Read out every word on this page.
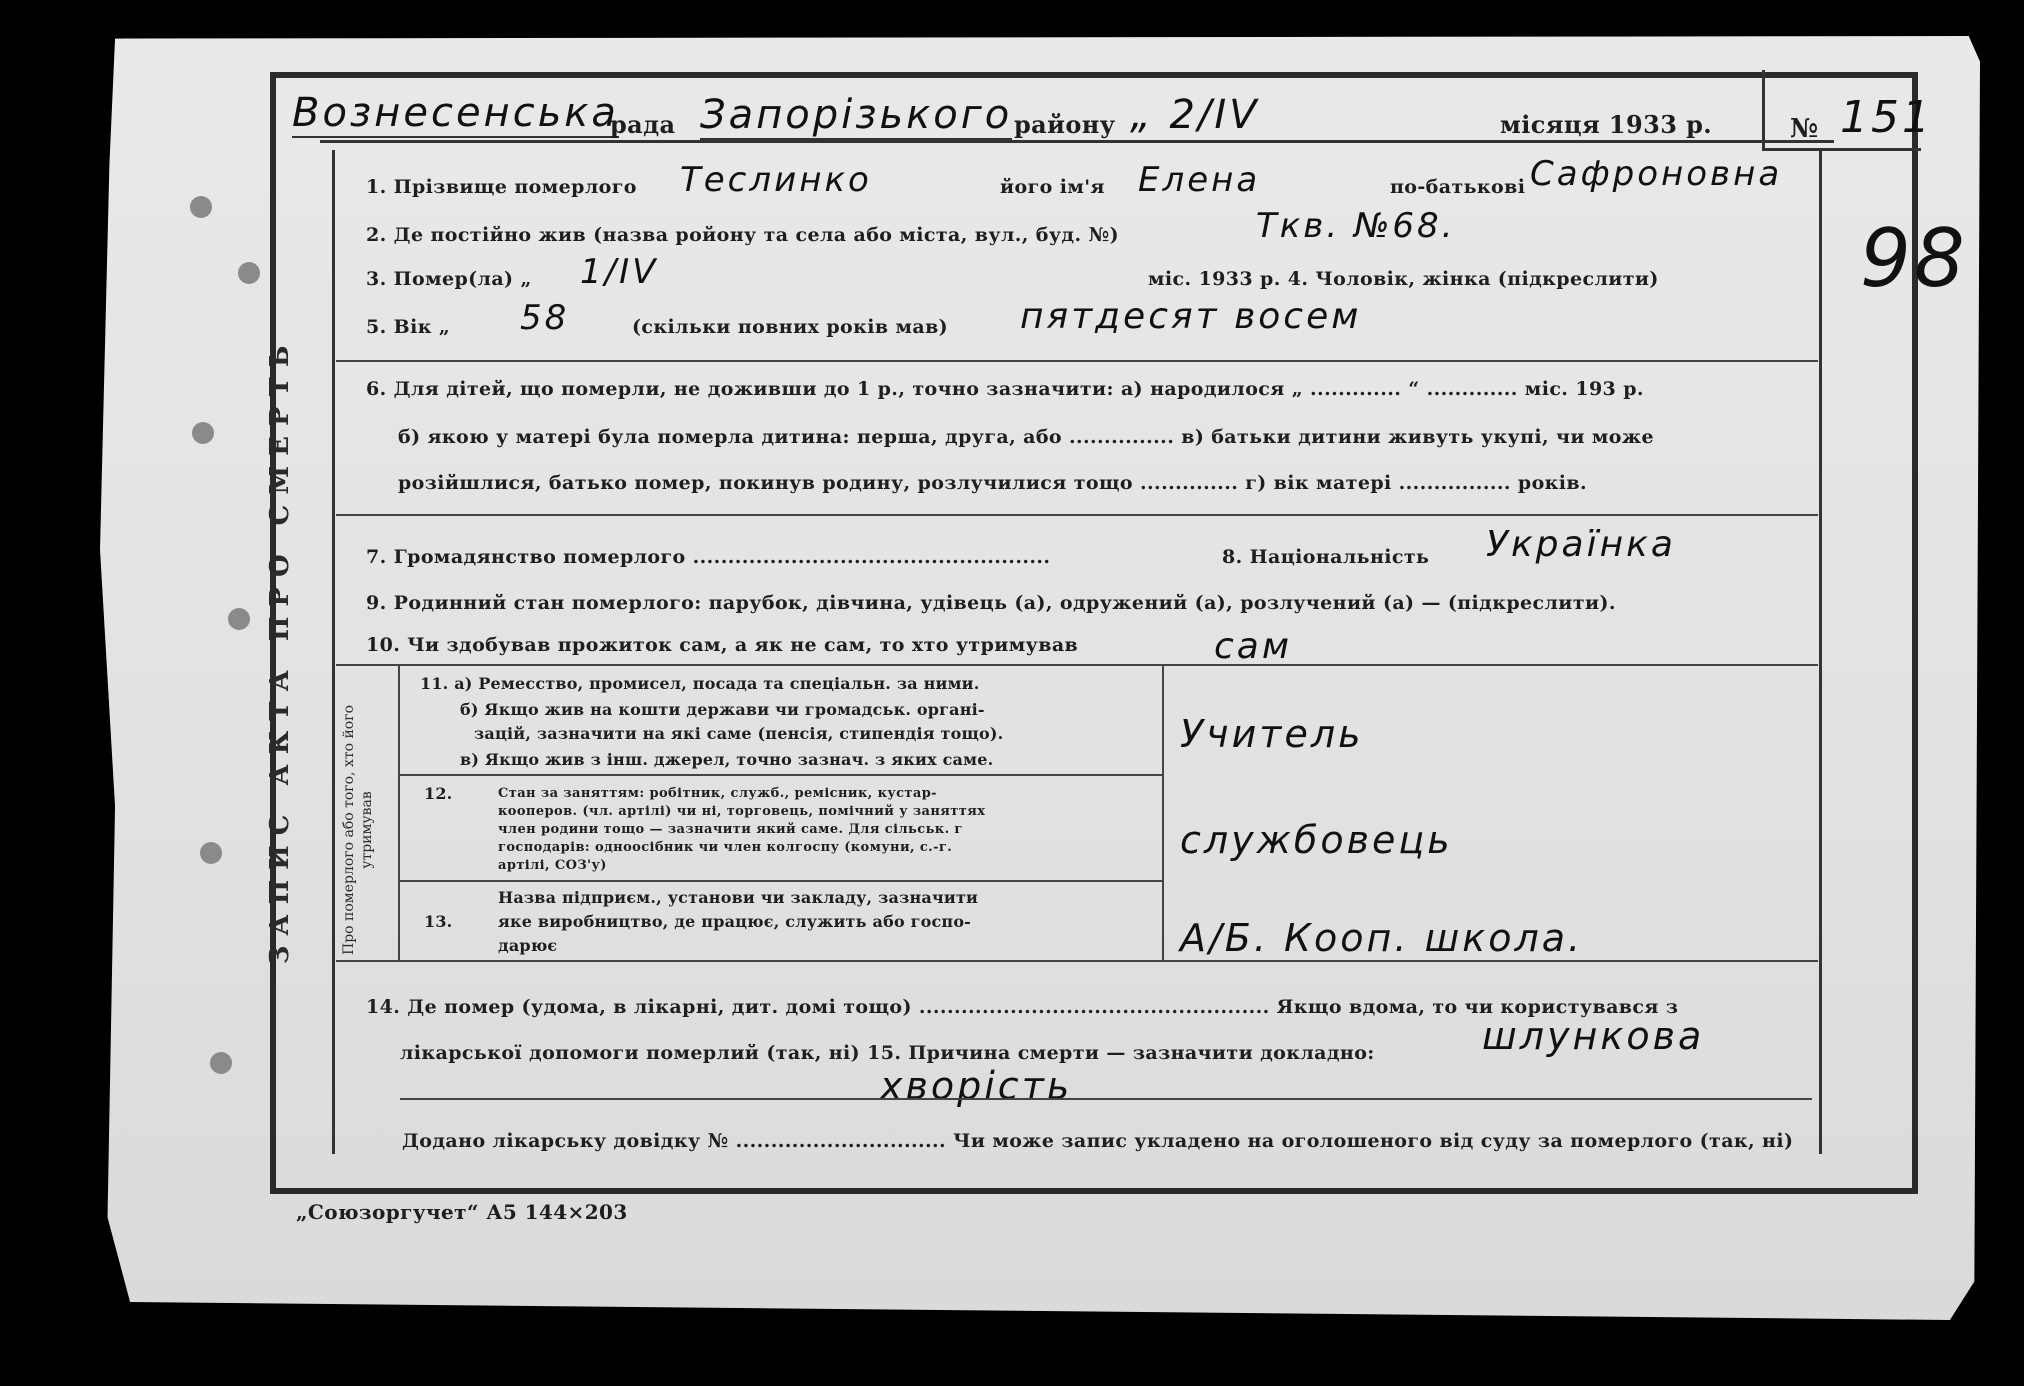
Вознесенська
рада Запорізького району „ 2/IV	місяця 1933 р.	№ 151
98
ЗАПИС АКТА ПРО СМЕРТЬ	Про померлого або того, хто його утримував
1. Прізвище померлого Теслинко	його ім'я Елена	по-батькові Сафроновна
2. Де постійно жив (назва ройону та села або міста, вул., буд. №)	Ткв. №68.
3. Помер(ла) „ 1/IV	міс. 1933 р. 4. Чоловік, жінка (підкреслити)
5. Вік „ 58	(скільки повних років мав) пятдесят восем
6. Для дітей, що померли, не доживши до 1 р., точно зазначити: а) народилося „ ............. “ ............. міс. 193 р.
б) якою у матері була померла дитина: перша, друга, або ............... в) батьки дитини живуть укупі, чи може
розійшлися, батько помер, покинув родину, розлучилися тощо .............. г) вік матері ................ років.
7. Громадянство померлого ...................................................	8. Національність Українка
9. Родинний стан померлого: парубок, дівчина, удівець (а), одружений (а), розлучений (а) — (підкреслити).
10. Чи здобував прожиток сам, а як не сам, то хто утримував	сам
11. а) Ремесство, промисел, посада та спеціальн. за ними.
б) Якщо жив на кошти держави чи громадськ. органі-
зацій, зазначити на які саме (пенсія, стипендія тощо).
в) Якщо жив з інш. джерел, точно зазнач. з яких саме.
Учитель
12.	Стан за заняттям: робітник, служб., ремісник, кустар-
кооперов. (чл. артілі) чи ні, торговець, помічний у заняттях
член родини тощо — зазначити який саме. Для сільськ. г
господарів: одноосібник чи член колгоспу (комуни, с.-г.
артілі, СОЗ'у)
службовець
13.
Назва підприєм., установи чи закладу, зазначити
яке виробництво, де працює, служить або госпо-
дарює	А/Б. Кооп. школа.
14. Де помер (удома, в лікарні, дит. домі тощо) .................................................. Якщо вдома, то чи користувався з
лікарської допомоги померлий (так, ні) 15. Причина смерти — зазначити докладно:	шлункова
хворість
Додано лікарську довідку № .............................. Чи може запис укладено на оголошеного від суду за померлого (так, ні)
„Союзоргучет“ А5 144×203
